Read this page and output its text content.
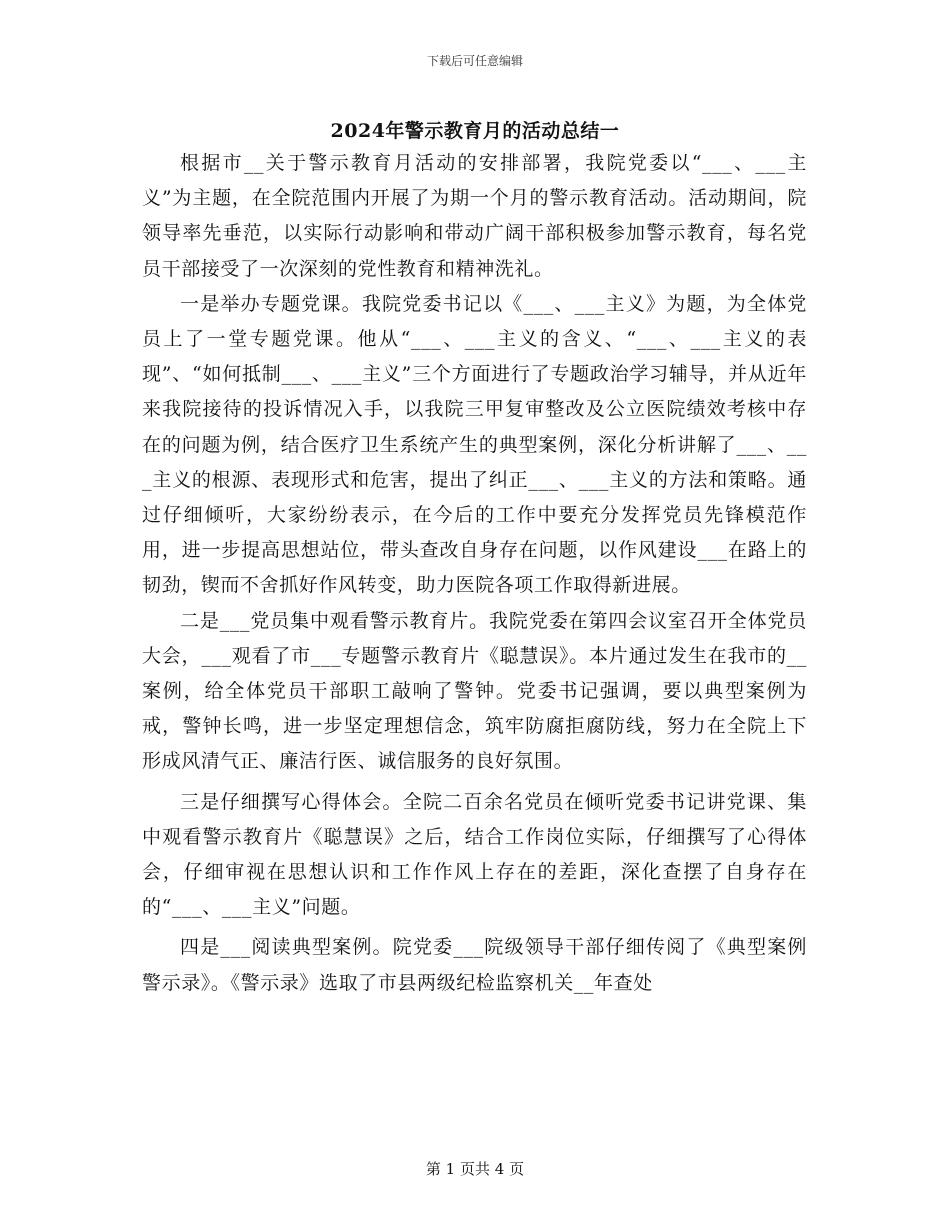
下载后可任意编辑
2024年警示教育月的活动总结一

根据市__关于警示教育月活动的安排部署，我院党委以“___、___主义”为主题，在全院范围内开展了为期一个月的警示教育活动。活动期间，院领导率先垂范，以实际行动影响和带动广阔干部积极参加警示教育，每名党员干部接受了一次深刻的党性教育和精神洗礼。

一是举办专题党课。我院党委书记以《___、___主义》为题，为全体党员上了一堂专题党课。他从“___、___主义的含义、“___、___主义的表现”、“如何抵制___、___主义”三个方面进行了专题政治学习辅导，并从近年来我院接待的投诉情况入手，以我院三甲复审整改及公立医院绩效考核中存在的问题为例，结合医疗卫生系统产生的典型案例，深化分析讲解了___、___主义的根源、表现形式和危害，提出了纠正___、___主义的方法和策略。通过仔细倾听，大家纷纷表示，在今后的工作中要充分发挥党员先锋模范作用，进一步提高思想站位，带头查改自身存在问题，以作风建设___在路上的韧劲，锲而不舍抓好作风转变，助力医院各项工作取得新进展。

二是___党员集中观看警示教育片。我院党委在第四会议室召开全体党员大会，___观看了市___专题警示教育片《聪慧误》。本片通过发生在我市的__案例，给全体党员干部职工敲响了警钟。党委书记强调，要以典型案例为戒，警钟长鸣，进一步坚定理想信念，筑牢防腐拒腐防线，努力在全院上下形成风清气正、廉洁行医、诚信服务的良好氛围。

三是仔细撰写心得体会。全院二百余名党员在倾听党委书记讲党课、集中观看警示教育片《聪慧误》之后，结合工作岗位实际，仔细撰写了心得体会，仔细审视在思想认识和工作作风上存在的差距，深化查摆了自身存在的“___、___主义”问题。

四是___阅读典型案例。院党委___院级领导干部仔细传阅了《典型案例警示录》。《警示录》选取了市县两级纪检监察机关__年查处

第 1 页共 4 页
